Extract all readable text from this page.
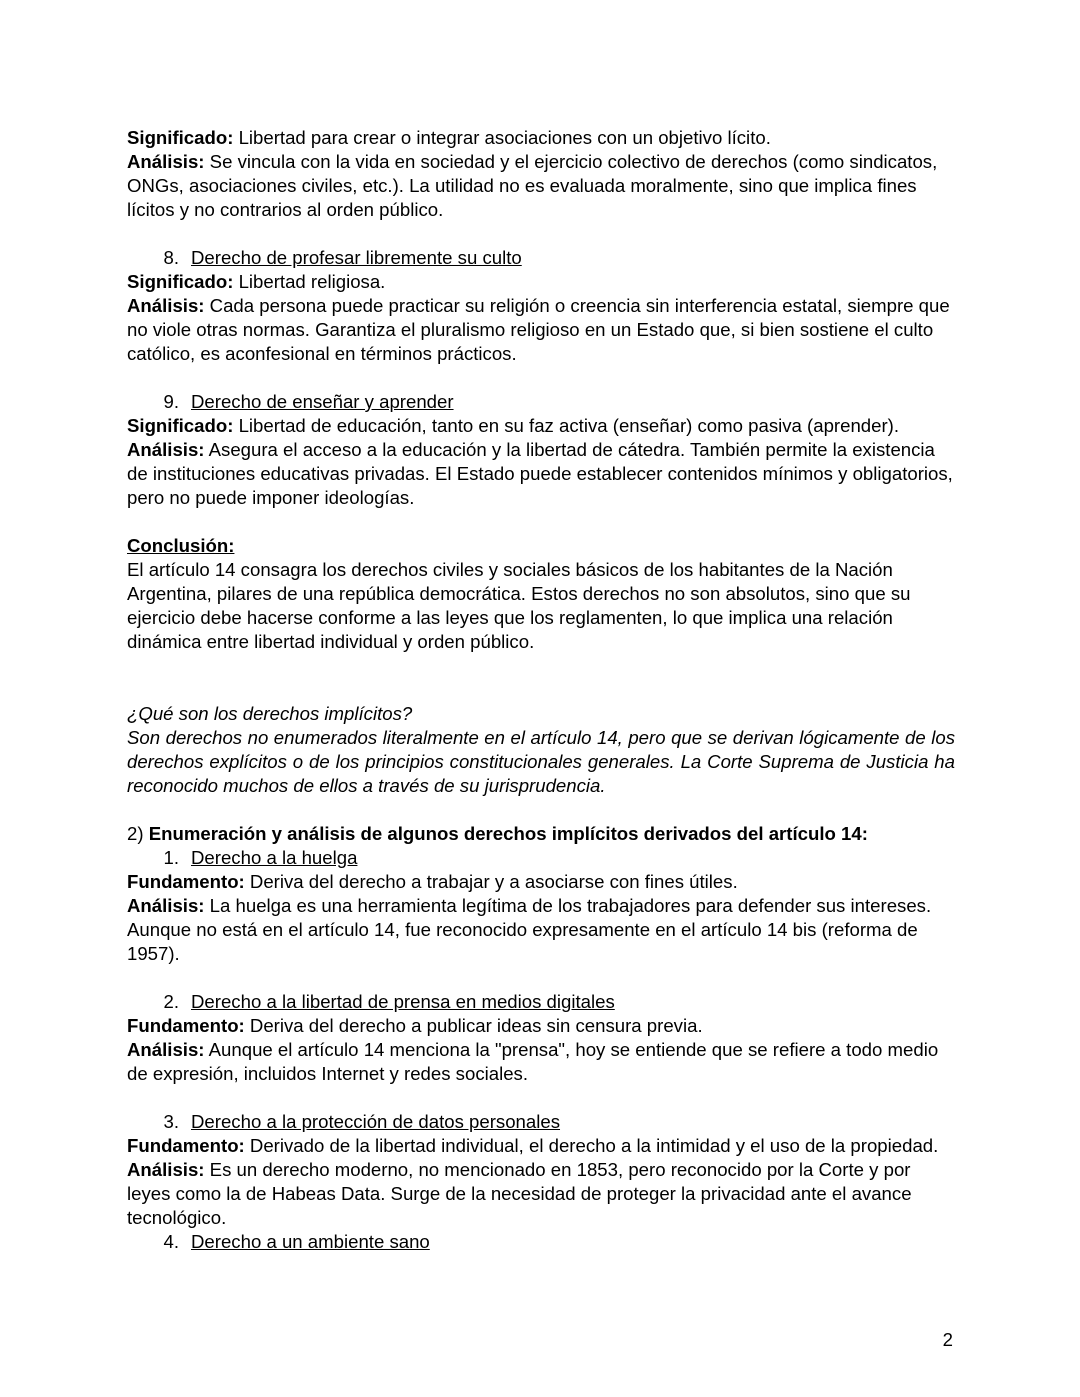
Significado: Libertad para crear o integrar asociaciones con un objetivo lícito.

Análisis: Se vincula con la vida en sociedad y el ejercicio colectivo de derechos (como sindicatos, ONGs, asociaciones civiles, etc.). La utilidad no es evaluada moralmente, sino que implica fines lícitos y no contrarios al orden público.

8. Derecho de profesar libremente su culto

Significado: Libertad religiosa.

Análisis: Cada persona puede practicar su religión o creencia sin interferencia estatal, siempre que no viole otras normas. Garantiza el pluralismo religioso en un Estado que, si bien sostiene el culto católico, es aconfesional en términos prácticos.

9. Derecho de enseñar y aprender

Significado: Libertad de educación, tanto en su faz activa (enseñar) como pasiva (aprender).

Análisis: Asegura el acceso a la educación y la libertad de cátedra. También permite la existencia de instituciones educativas privadas. El Estado puede establecer contenidos mínimos y obligatorios, pero no puede imponer ideologías.

Conclusión:

El artículo 14 consagra los derechos civiles y sociales básicos de los habitantes de la Nación Argentina, pilares de una república democrática. Estos derechos no son absolutos, sino que su ejercicio debe hacerse conforme a las leyes que los reglamenten, lo que implica una relación dinámica entre libertad individual y orden público.

¿Qué son los derechos implícitos?

Son derechos no enumerados literalmente en el artículo 14, pero que se derivan lógicamente de los derechos explícitos o de los principios constitucionales generales. La Corte Suprema de Justicia ha reconocido muchos de ellos a través de su jurisprudencia.

2) Enumeración y análisis de algunos derechos implícitos derivados del artículo 14:

1. Derecho a la huelga

Fundamento: Deriva del derecho a trabajar y a asociarse con fines útiles.

Análisis: La huelga es una herramienta legítima de los trabajadores para defender sus intereses. Aunque no está en el artículo 14, fue reconocido expresamente en el artículo 14 bis (reforma de 1957).

2. Derecho a la libertad de prensa en medios digitales

Fundamento: Deriva del derecho a publicar ideas sin censura previa.

Análisis: Aunque el artículo 14 menciona la "prensa", hoy se entiende que se refiere a todo medio de expresión, incluidos Internet y redes sociales.

3. Derecho a la protección de datos personales

Fundamento: Derivado de la libertad individual, el derecho a la intimidad y el uso de la propiedad.

Análisis: Es un derecho moderno, no mencionado en 1853, pero reconocido por la Corte y por leyes como la de Habeas Data. Surge de la necesidad de proteger la privacidad ante el avance tecnológico.

4. Derecho a un ambiente sano

2
